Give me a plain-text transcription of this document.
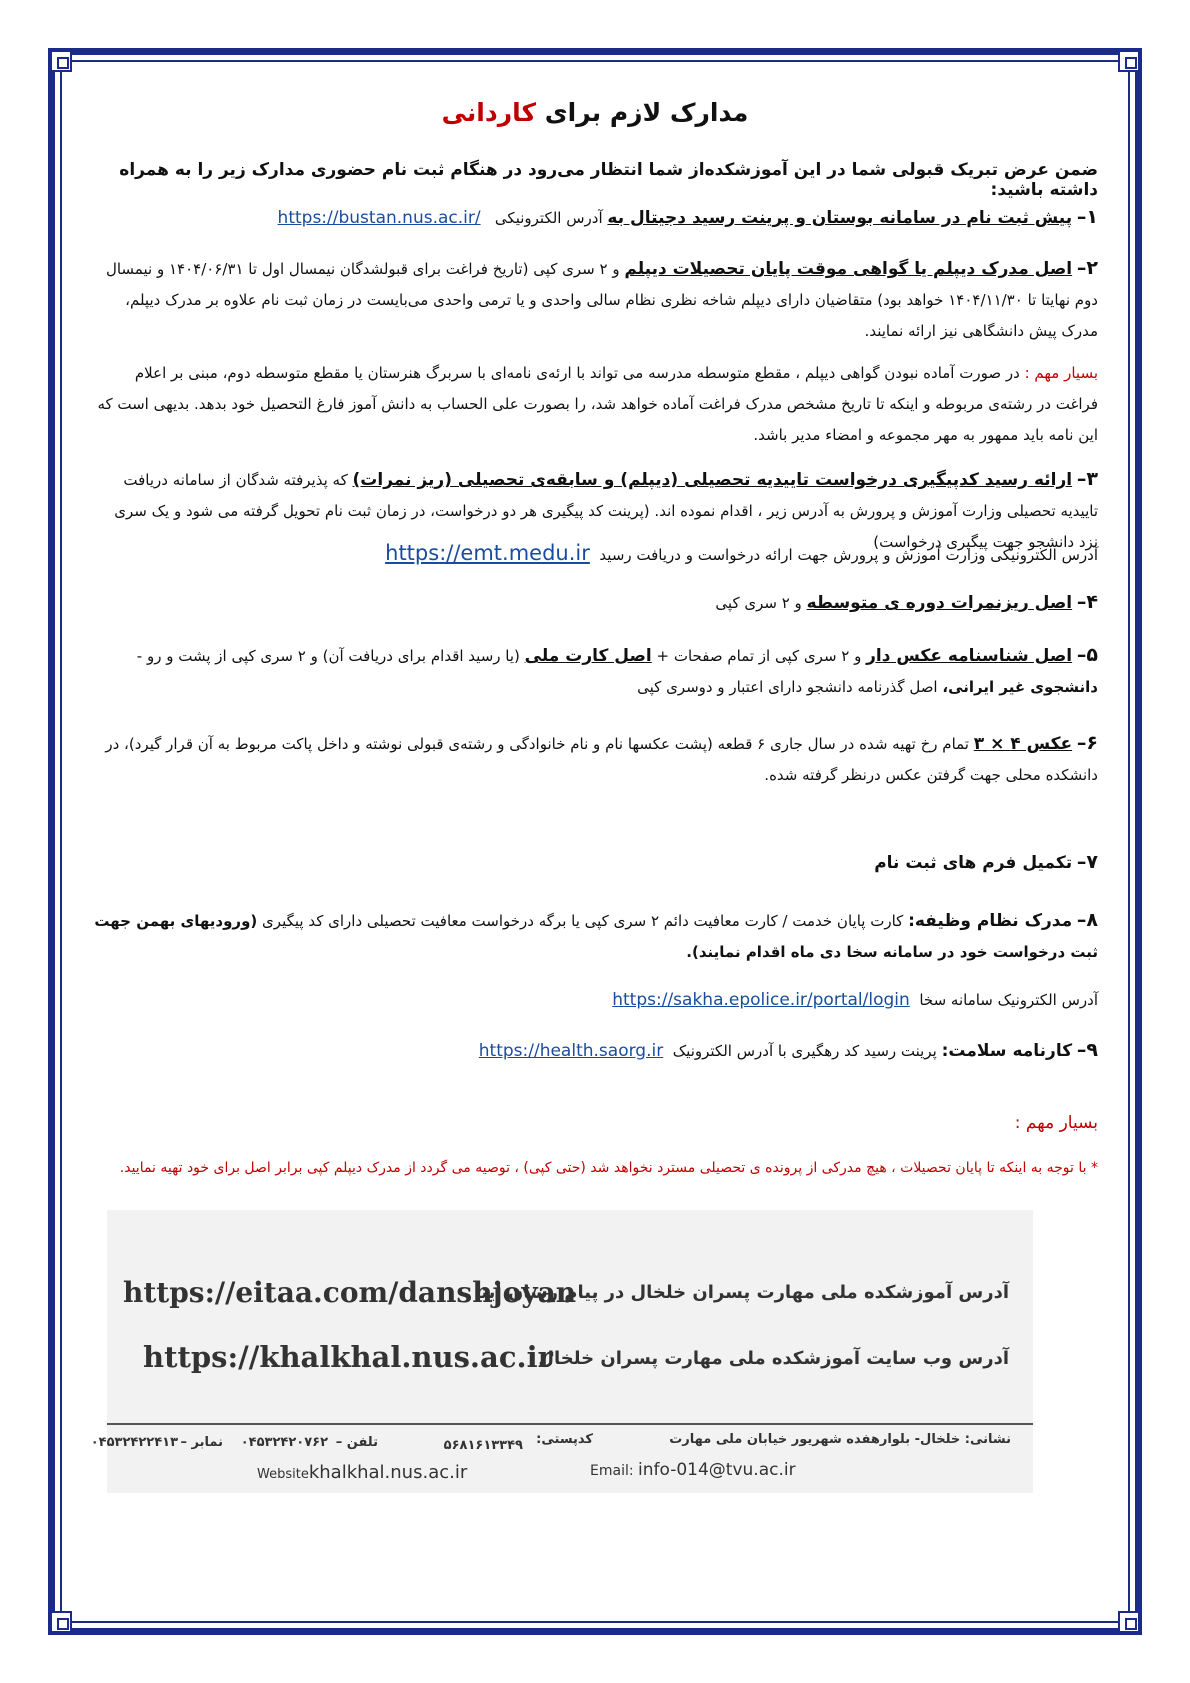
مدارک لازم برای کاردانی
ضمن عرض تبریک قبولی شما در این آموزشکده‌از شما انتظار می‌رود در هنگام ثبت نام حضوری مدارک زیر را به همراه داشته باشید:
۱– پیش ثبت نام در سامانه بوستان و پرینت رسید دجیتال به آدرس الکترونیکی   https://bustan.nus.ac.ir/
۲– اصل مدرک دیپلم یا گواهی موقت پایان تحصیلات دیپلم و ۲ سری کپی (تاریخ فراغت برای قبولشدگان نیمسال اول تا ۱۴۰۴/۰۶/۳۱ و نیمسال دوم نهایتا تا ۱۴۰۴/۱۱/۳۰ خواهد بود) متقاضیان دارای دیپلم شاخه نظری نظام سالی واحدی و یا ترمی واحدی می‌بایست در زمان ثبت نام علاوه بر مدرک دیپلم، مدرک پیش دانشگاهی نیز ارائه نمایند.
بسیار مهم : در صورت آماده نبودن گواهی دیپلم ، مقطع متوسطه مدرسه می تواند با ارئه‌ی نامه‌ای با سربرگ هنرستان یا مقطع متوسطه دوم، مبنی بر اعلام فراغت در رشته‌ی مربوطه و اینکه تا تاریخ مشخص مدرک فراغت آماده خواهد شد، را بصورت علی الحساب به دانش آموز فارغ التحصیل خود بدهد. بدیهی است که این نامه باید ممهور به مهر مجموعه و امضاء مدیر باشد.
۳– ارائه رسید کدپیگیری درخواست تاییدیه تحصیلی (دیپلم) و سابقه‌ی تحصیلی (ریز نمرات) که پذیرفته شدگان از سامانه دریافت تاییدیه تحصیلی وزارت آموزش و پرورش به آدرس زیر ، اقدام نموده اند. (پرینت کد پیگیری هر دو درخواست، در زمان ثبت نام تحویل گرفته می شود و یک سری نزد دانشجو جهت پیگیری درخواست)
آدرس الکترونیکی وزارت آموزش و پرورش جهت ارائه درخواست و دریافت رسید  https://emt.medu.ir
۴– اصل ریزنمرات دوره ی متوسطه و ۲ سری کپی
۵– اصل شناسنامه عکس دار و ۲ سری کپی از تمام صفحات + اصل کارت ملی (یا رسید اقدام برای دریافت آن) و ۲ سری کپی از پشت و رو - دانشجوی غیر ایرانی، اصل گذرنامه دانشجو دارای اعتبار و دوسری کپی
۶– عکس ۴ × ۳ تمام رخ تهیه شده در سال جاری ۶ قطعه (پشت عکسها نام و نام خانوادگی و رشته‌ی قبولی نوشته و داخل پاکت مربوط به آن قرار گیرد)، در دانشکده محلی جهت گرفتن عکس درنظر گرفته شده.
۷– تکمیل فرم های ثبت نام
۸– مدرک نظام وظیفه: کارت پایان خدمت / کارت معافیت دائم ۲ سری کپی یا برگه درخواست معافیت تحصیلی دارای کد پیگیری (ورودیهای بهمن جهت ثبت درخواست خود در سامانه سخا دی ماه اقدام نمایند).
آدرس الکترونیک سامانه سخا  https://sakha.epolice.ir/portal/login
۹– کارنامه سلامت: پرینت رسید کد رهگیری با آدرس الکترونیک  https://health.saorg.ir
بسیار مهم :
* با توجه به اینکه تا پایان تحصیلات ، هیچ مدرکی از پرونده ی تحصیلی مسترد نخواهد شد (حتی کپی) ، توصیه می گردد از مدرک دیپلم کپی برابر اصل برای خود تهیه نمایید.
آدرس آموزشکده ملی مهارت پسران خلخال در پیام رسان ایتا
https://eitaa.com/danshjoyan
آدرس وب سایت آموزشکده ملی مهارت پسران خلخال
https://khalkhal.nus.ac.ir
نشانی: خلخال- بلوارهفده شهریور خیابان ملی مهارت
کدپستی:
۵۶۸۱۶۱۳۳۴۹
تلفن –
۰۴۵۳۲۴۲۰۷۶۲
نمابر –
۰۴۵۳۲۴۲۲۴۱۳
Email: info-014@tvu.ac.ir
Websitekhalkhal.nus.ac.ir
